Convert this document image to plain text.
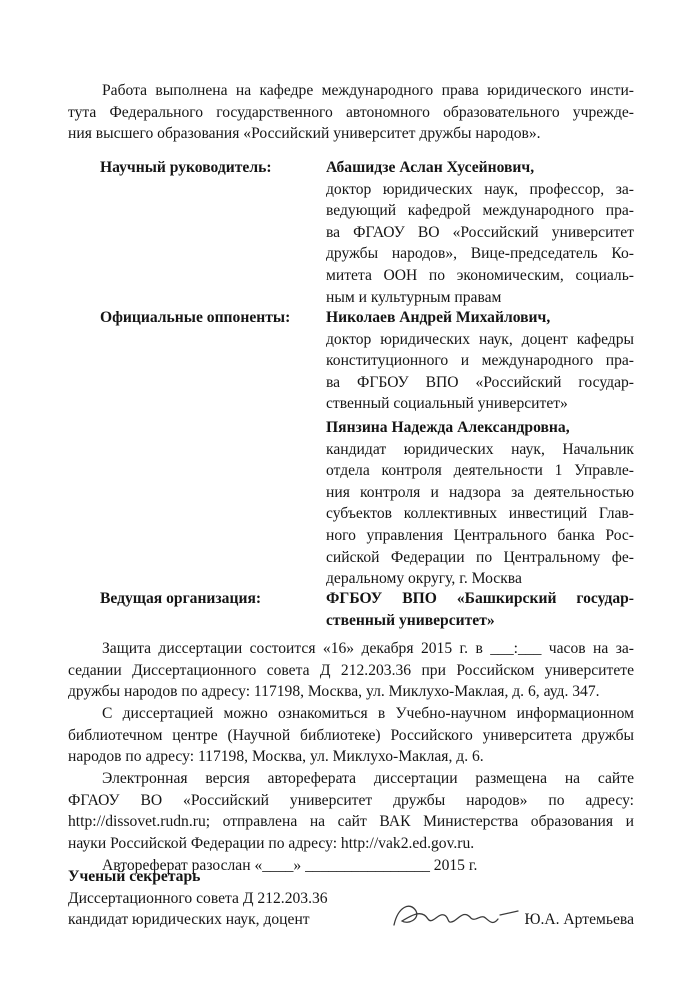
Работа выполнена на кафедре международного права юридического инсти-
тута Федерального государственного автономного образовательного учрежде-
ния высшего образования «Российский университет дружбы народов».
Научный руководитель:	Абашидзе Аслан Хусейнович,
доктор юридических наук, профессор, за-
ведующий кафедрой международного пра-
ва ФГАОУ ВО «Российский университет
дружбы народов», Вице-председатель Ко-
митета ООН по экономическим, социаль-
ным и культурным правам
Официальные оппоненты: Николаев Андрей Михайлович,
доктор юридических наук, доцент кафедры
конституционного и международного пра-
ва ФГБОУ ВПО «Российский государ-
ственный социальный университет»
Пянзина Надежда Александровна,
кандидат юридических наук, Начальник
отдела контроля деятельности 1 Управле-
ния контроля и надзора за деятельностью
субъектов коллективных инвестиций Глав-
ного управления Центрального банка Рос-
сийской Федерации по Центральному фе-
деральному округу, г. Москва
Ведущая организация:	ФГБОУ ВПО «Башкирский государ-
ственный университет»
Защита диссертации состоится «16» декабря 2015 г. в ___:___ часов на за-
седании Диссертационного совета Д 212.203.36 при Российском университете
дружбы народов по адресу: 117198, Москва, ул. Миклухо-Маклая, д. 6, ауд. 347.
С диссертацией можно ознакомиться в Учебно-научном информационном
библиотечном центре (Научной библиотеке) Российского университета дружбы
народов по адресу: 117198, Москва, ул. Миклухо-Маклая, д. 6.
Электронная версия автореферата диссертации размещена на сайте
ФГАОУ ВО «Российский университет дружбы народов» по адресу:
http://dissovet.rudn.ru; отправлена на сайт ВАК Министерства образования и
науки Российской Федерации по адресу: http://vak2.ed.gov.ru.
Автореферат разослан «____» ________________ 2015 г.
Ученый секретарь
Диссертационного совета Д 212.203.36
кандидат юридических наук, доцент	Ю.А. Артемьева
